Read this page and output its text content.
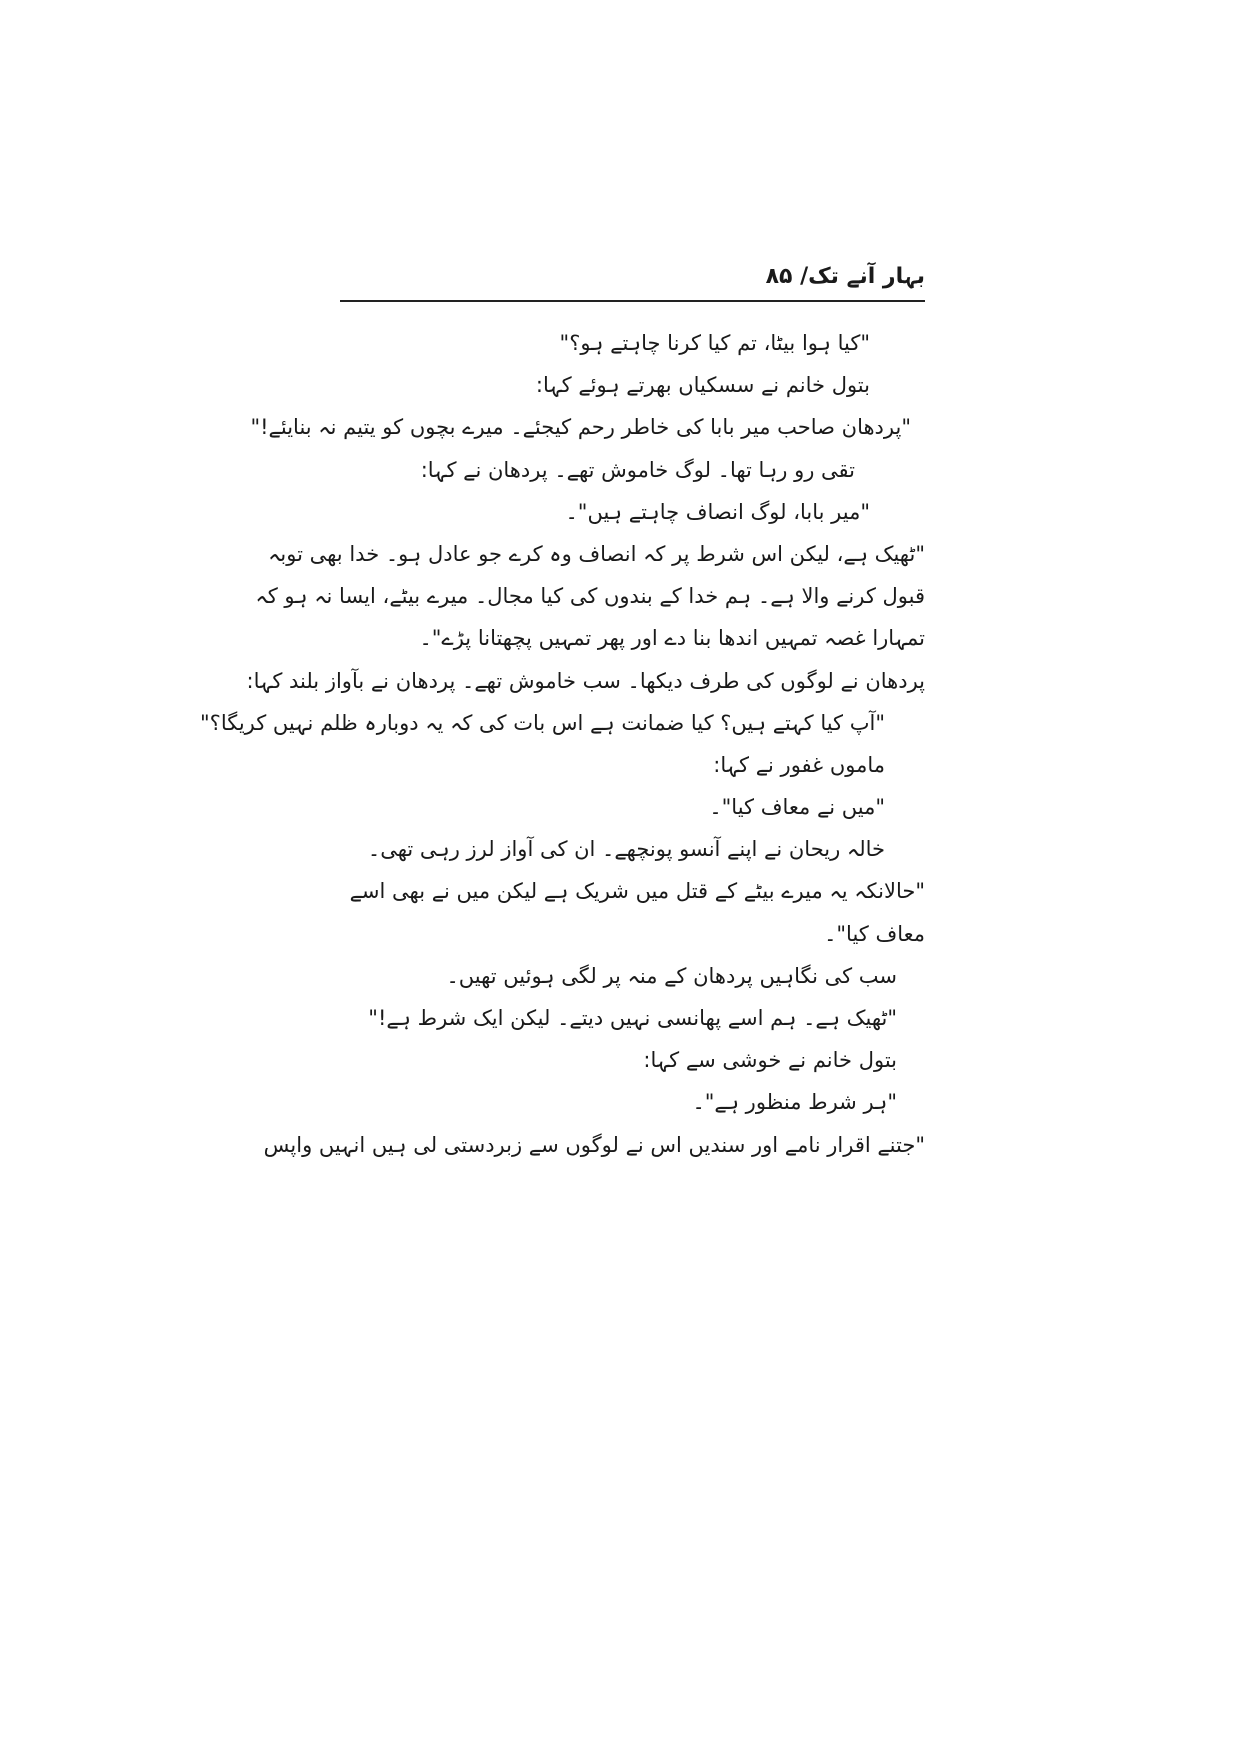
بہار آنے تک/ ۸۵
"کیا ہوا بیٹا، تم کیا کرنا چاہتے ہو؟"
بتول خانم نے سسکیاں بھرتے ہوئے کہا:
"پردھان صاحب میر بابا کی خاطر رحم کیجئے۔ میرے بچوں کو یتیم نہ بنایئے!"
تقی رو رہا تھا۔ لوگ خاموش تھے۔ پردھان نے کہا:
"میر بابا، لوگ انصاف چاہتے ہیں"۔
"ٹھیک ہے، لیکن اس شرط پر کہ انصاف وہ کرے جو عادل ہو۔ خدا بھی توبہ
قبول کرنے والا ہے۔ ہم خدا کے بندوں کی کیا مجال۔ میرے بیٹے، ایسا نہ ہو کہ
تمہارا غصہ تمہیں اندھا بنا دے اور پھر تمہیں پچھتانا پڑے"۔
پردھان نے لوگوں کی طرف دیکھا۔ سب خاموش تھے۔ پردھان نے بآواز بلند کہا:
"آپ کیا کہتے ہیں؟ کیا ضمانت ہے اس بات کی کہ یہ دوبارہ ظلم نہیں کریگا؟"
ماموں غفور نے کہا:
"میں نے معاف کیا"۔
خالہ ریحان نے اپنے آنسو پونچھے۔ ان کی آواز لرز رہی تھی۔
"حالانکہ یہ میرے بیٹے کے قتل میں شریک ہے لیکن میں نے بھی اسے
معاف کیا"۔
سب کی نگاہیں پردھان کے منہ پر لگی ہوئیں تھیں۔
"ٹھیک ہے۔ ہم اسے پھانسی نہیں دیتے۔ لیکن ایک شرط ہے!"
بتول خانم نے خوشی سے کہا:
"ہر شرط منظور ہے"۔
"جتنے اقرار نامے اور سندیں اس نے لوگوں سے زبردستی لی ہیں انہیں واپس
